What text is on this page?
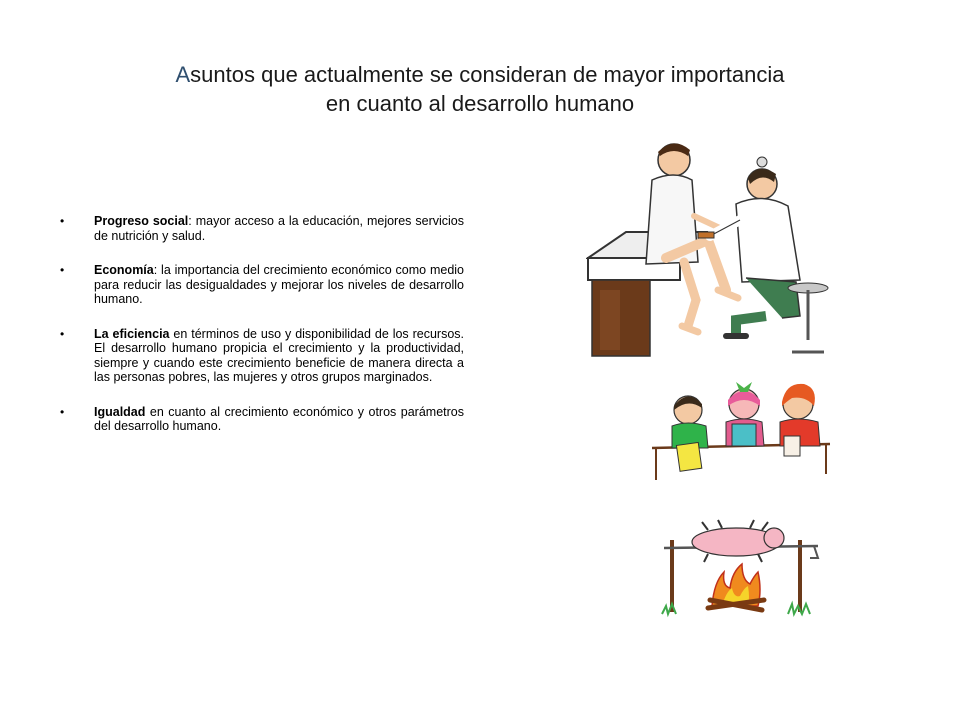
Asuntos que actualmente se consideran de mayor importancia
en cuanto al desarrollo humano
• Progreso social: mayor acceso a la educación, mejores servicios de nutrición y salud.
• Economía: la importancia del crecimiento económico como medio para reducir las desigualdades y mejorar los niveles de desarrollo humano.
• La eficiencia en términos de uso y disponibilidad de los recursos. El desarrollo humano propicia el crecimiento y la productividad, siempre y cuando este crecimiento beneficie de manera directa a las personas pobres, las mujeres y otros grupos marginados.
• Igualdad en cuanto al crecimiento económico y otros parámetros del desarrollo humano.
